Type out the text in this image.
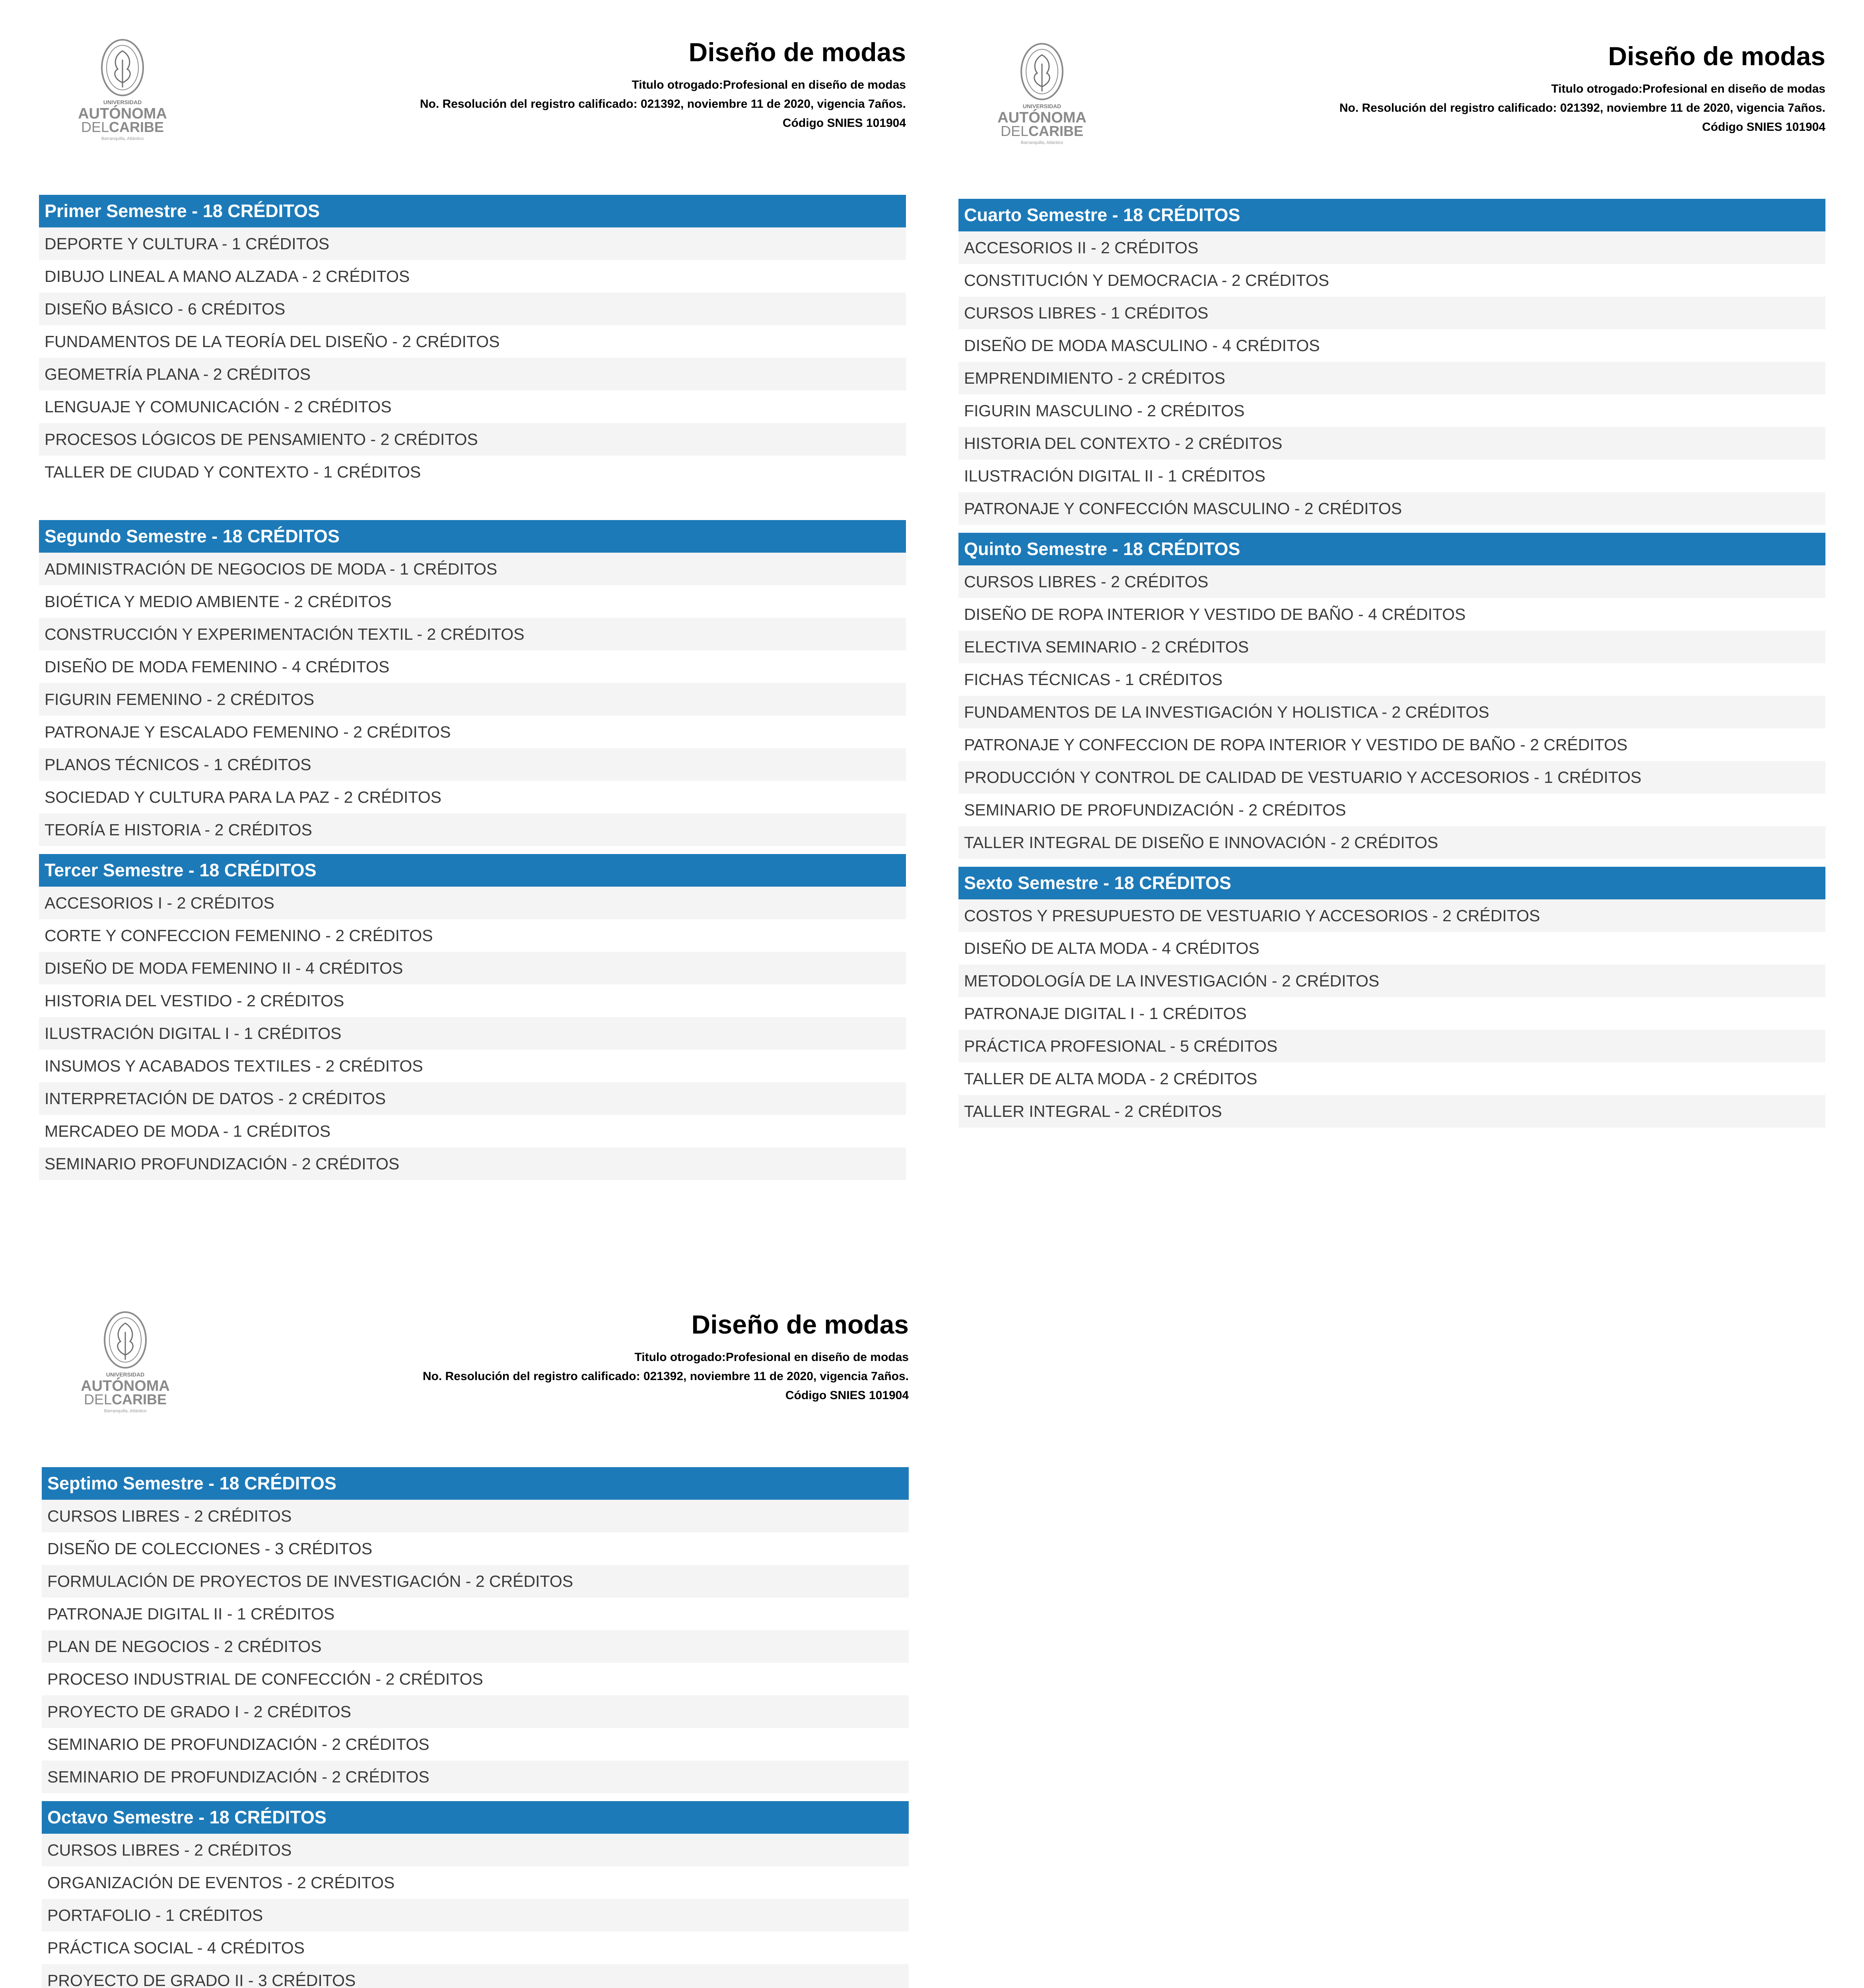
UNIVERSIDAD
AUTÓNOMA
DELCARIBE
Barranquilla, Atlántico
Diseño de modas
Titulo otrogado:Profesional en diseño de modas
No. Resolución del registro calificado: 021392, noviembre 11 de 2020, vigencia 7años.
Código SNIES 101904
Primer Semestre - 18 CRÉDITOS
DEPORTE Y CULTURA - 1 CRÉDITOS
DIBUJO LINEAL A MANO ALZADA - 2 CRÉDITOS
DISEÑO BÁSICO - 6 CRÉDITOS
FUNDAMENTOS DE LA TEORÍA DEL DISEÑO - 2 CRÉDITOS
GEOMETRÍA PLANA - 2 CRÉDITOS
LENGUAJE Y COMUNICACIÓN - 2 CRÉDITOS
PROCESOS LÓGICOS DE PENSAMIENTO - 2 CRÉDITOS
TALLER DE CIUDAD Y CONTEXTO - 1 CRÉDITOS
Segundo Semestre - 18 CRÉDITOS
ADMINISTRACIÓN DE NEGOCIOS DE MODA - 1 CRÉDITOS
BIOÉTICA Y MEDIO AMBIENTE - 2 CRÉDITOS
CONSTRUCCIÓN Y EXPERIMENTACIÓN TEXTIL - 2 CRÉDITOS
DISEÑO DE MODA FEMENINO - 4 CRÉDITOS
FIGURIN FEMENINO - 2 CRÉDITOS
PATRONAJE Y ESCALADO FEMENINO - 2 CRÉDITOS
PLANOS TÉCNICOS - 1 CRÉDITOS
SOCIEDAD Y CULTURA PARA LA PAZ - 2 CRÉDITOS
TEORÍA E HISTORIA - 2 CRÉDITOS
Tercer Semestre - 18 CRÉDITOS
ACCESORIOS I - 2 CRÉDITOS
CORTE Y CONFECCION FEMENINO - 2 CRÉDITOS
DISEÑO DE MODA FEMENINO II - 4 CRÉDITOS
HISTORIA DEL VESTIDO - 2 CRÉDITOS
ILUSTRACIÓN DIGITAL I - 1 CRÉDITOS
INSUMOS Y ACABADOS TEXTILES - 2 CRÉDITOS
INTERPRETACIÓN DE DATOS - 2 CRÉDITOS
MERCADEO DE MODA - 1 CRÉDITOS
SEMINARIO PROFUNDIZACIÓN - 2 CRÉDITOS
UNIVERSIDAD
AUTÓNOMA
DELCARIBE
Barranquilla, Atlántico
Diseño de modas
Titulo otrogado:Profesional en diseño de modas
No. Resolución del registro calificado: 021392, noviembre 11 de 2020, vigencia 7años.
Código SNIES 101904
Cuarto Semestre - 18 CRÉDITOS
ACCESORIOS II - 2 CRÉDITOS
CONSTITUCIÓN Y DEMOCRACIA - 2 CRÉDITOS
CURSOS LIBRES - 1 CRÉDITOS
DISEÑO DE MODA MASCULINO - 4 CRÉDITOS
EMPRENDIMIENTO - 2 CRÉDITOS
FIGURIN MASCULINO - 2 CRÉDITOS
HISTORIA DEL CONTEXTO - 2 CRÉDITOS
ILUSTRACIÓN DIGITAL II - 1 CRÉDITOS
PATRONAJE Y CONFECCIÓN MASCULINO - 2 CRÉDITOS
Quinto Semestre - 18 CRÉDITOS
CURSOS LIBRES - 2 CRÉDITOS
DISEÑO DE ROPA INTERIOR Y VESTIDO DE BAÑO - 4 CRÉDITOS
ELECTIVA SEMINARIO - 2 CRÉDITOS
FICHAS TÉCNICAS - 1 CRÉDITOS
FUNDAMENTOS DE LA INVESTIGACIÓN Y HOLISTICA - 2 CRÉDITOS
PATRONAJE Y CONFECCION DE ROPA INTERIOR Y VESTIDO DE BAÑO - 2 CRÉDITOS
PRODUCCIÓN Y CONTROL DE CALIDAD DE VESTUARIO Y ACCESORIOS - 1 CRÉDITOS
SEMINARIO DE PROFUNDIZACIÓN - 2 CRÉDITOS
TALLER INTEGRAL DE DISEÑO E INNOVACIÓN - 2 CRÉDITOS
Sexto Semestre - 18 CRÉDITOS
COSTOS Y PRESUPUESTO DE VESTUARIO Y ACCESORIOS - 2 CRÉDITOS
DISEÑO DE ALTA MODA - 4 CRÉDITOS
METODOLOGÍA DE LA INVESTIGACIÓN - 2 CRÉDITOS
PATRONAJE DIGITAL I - 1 CRÉDITOS
PRÁCTICA PROFESIONAL - 5 CRÉDITOS
TALLER DE ALTA MODA - 2 CRÉDITOS
TALLER INTEGRAL - 2 CRÉDITOS
UNIVERSIDAD
AUTÓNOMA
DELCARIBE
Barranquilla, Atlántico
Diseño de modas
Titulo otrogado:Profesional en diseño de modas
No. Resolución del registro calificado: 021392, noviembre 11 de 2020, vigencia 7años.
Código SNIES 101904
Septimo Semestre - 18 CRÉDITOS
CURSOS LIBRES - 2 CRÉDITOS
DISEÑO DE COLECCIONES - 3 CRÉDITOS
FORMULACIÓN DE PROYECTOS DE INVESTIGACIÓN - 2 CRÉDITOS
PATRONAJE DIGITAL II - 1 CRÉDITOS
PLAN DE NEGOCIOS - 2 CRÉDITOS
PROCESO INDUSTRIAL DE CONFECCIÓN - 2 CRÉDITOS
PROYECTO DE GRADO I - 2 CRÉDITOS
SEMINARIO DE PROFUNDIZACIÓN - 2 CRÉDITOS
SEMINARIO DE PROFUNDIZACIÓN - 2 CRÉDITOS
Octavo Semestre - 18 CRÉDITOS
CURSOS LIBRES - 2 CRÉDITOS
ORGANIZACIÓN DE EVENTOS - 2 CRÉDITOS
PORTAFOLIO - 1 CRÉDITOS
PRÁCTICA SOCIAL - 4 CRÉDITOS
PROYECTO DE GRADO II - 3 CRÉDITOS
